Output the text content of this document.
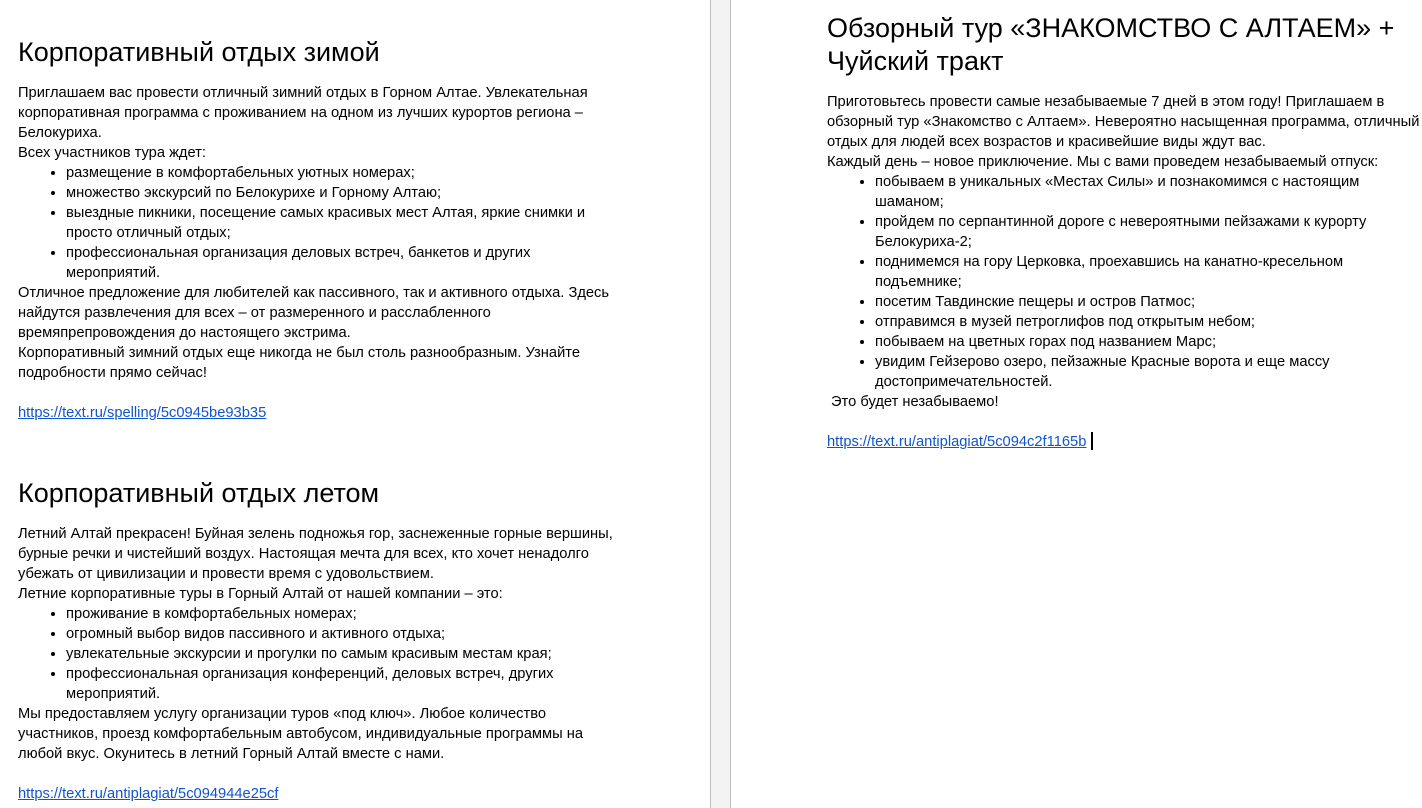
Корпоративный отдых зимой

Приглашаем вас провести отличный зимний отдых в Горном Алтае. Увлекательная корпоративная программа с проживанием на одном из лучших курортов региона – Белокуриха.

Всех участников тура ждет:

• размещение в комфортабельных уютных номерах;
• множество экскурсий по Белокурихе и Горному Алтаю;
• выездные пикники, посещение самых красивых мест Алтая, яркие снимки и просто отличный отдых;
• профессиональная организация деловых встреч, банкетов и других мероприятий.

Отличное предложение для любителей как пассивного, так и активного отдыха. Здесь найдутся развлечения для всех – от размеренного и расслабленного времяпрепровождения до настоящего экстрима.

Корпоративный зимний отдых еще никогда не был столь разнообразным. Узнайте подробности прямо сейчас!

https://text.ru/spelling/5c0945be93b35

Корпоративный отдых летом

Летний Алтай прекрасен! Буйная зелень подножья гор, заснеженные горные вершины, бурные речки и чистейший воздух. Настоящая мечта для всех, кто хочет ненадолго убежать от цивилизации и провести время с удовольствием.

Летние корпоративные туры в Горный Алтай от нашей компании – это:

• проживание в комфортабельных номерах;
• огромный выбор видов пассивного и активного отдыха;
• увлекательные экскурсии и прогулки по самым красивым местам края;
• профессиональная организация конференций, деловых встреч, других мероприятий.

Мы предоставляем услугу организации туров «под ключ». Любое количество участников, проезд комфортабельным автобусом, индивидуальные программы на любой вкус. Окунитесь в летний Горный Алтай вместе с нами.

https://text.ru/antiplagiat/5c094944e25cf

Обзорный тур «ЗНАКОМСТВО С АЛТАЕМ» + Чуйский тракт

Приготовьтесь провести самые незабываемые 7 дней в этом году! Приглашаем в обзорный тур «Знакомство с Алтаем». Невероятно насыщенная программа, отличный отдых для людей всех возрастов и красивейшие виды ждут вас.

Каждый день – новое приключение. Мы с вами проведем незабываемый отпуск:

• побываем в уникальных «Местах Силы» и познакомимся с настоящим шаманом;
• пройдем по серпантинной дороге с невероятными пейзажами к курорту Белокуриха-2;
• поднимемся на гору Церковка, проехавшись на канатно-кресельном подъемнике;
• посетим Тавдинские пещеры и остров Патмос;
• отправимся в музей петроглифов под открытым небом;
• побываем на цветных горах под названием Марс;
• увидим Гейзерово озеро, пейзажные Красные ворота и еще массу достопримечательностей.

Это будет незабываемо!

https://text.ru/antiplagiat/5c094c2f1165b
